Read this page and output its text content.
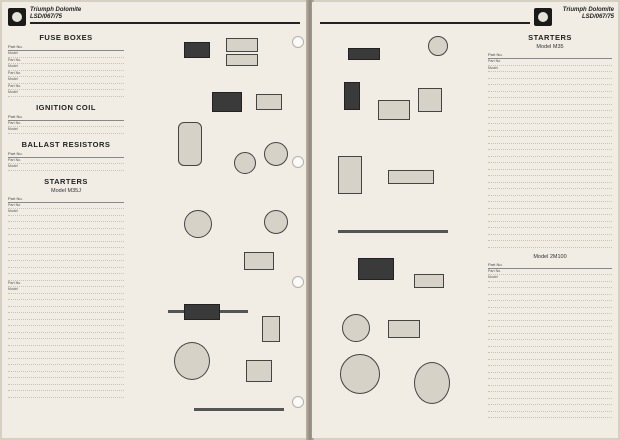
Triumph Dolomite
LSD/067/75
FUSE BOXES
Part No.
Model
Part No.
Model
Part No.
Model
Part No.
Model
IGNITION COIL
Part No.
Part No.
Model
BALLAST RESISTORS
Part No.
Part No.
Model
STARTERS
Model M35J
Part No.
Part No.
Model
Part No.
Model
Triumph Dolomite
LSD/067/75
STARTERS
Model M35
Part No.
Part No.
Model
Model 2M100
Part No.
Part No.
Model
